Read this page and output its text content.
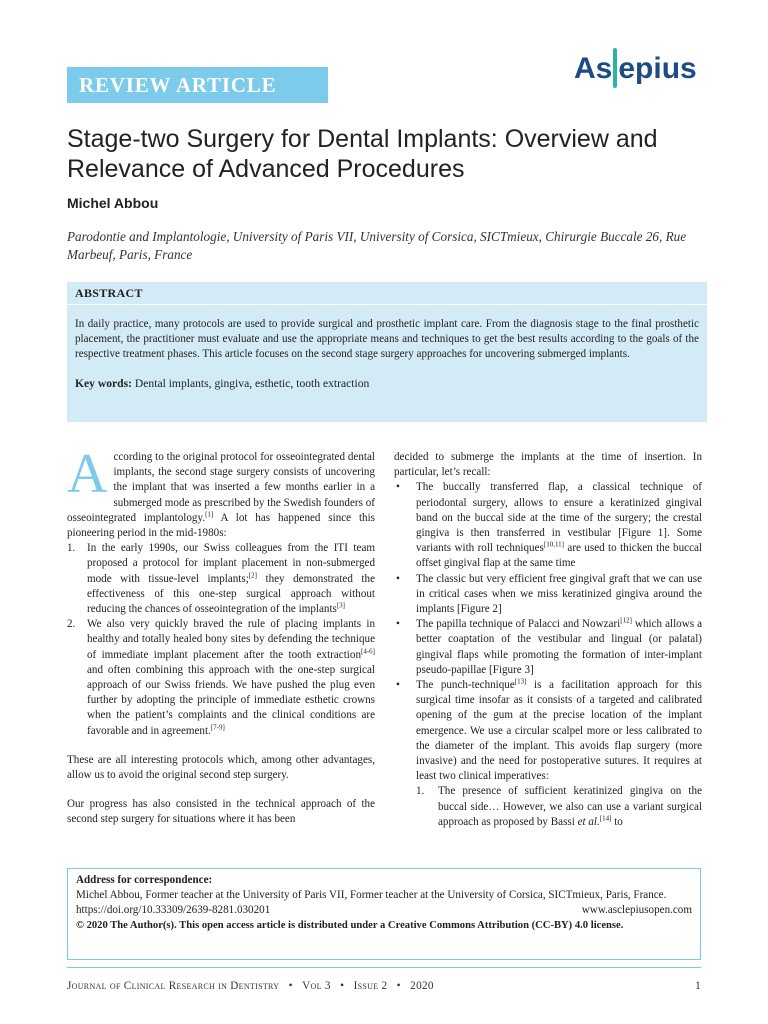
REVIEW ARTICLE	As epius
Stage-two Surgery for Dental Implants: Overview and Relevance of Advanced Procedures
Michel Abbou
Parodontie and Implantologie, University of Paris VII, University of Corsica, SICTmieux, Chirurgie Buccale 26, Rue Marbeuf, Paris, France
ABSTRACT
In daily practice, many protocols are used to provide surgical and prosthetic implant care. From the diagnosis stage to the final prosthetic placement, the practitioner must evaluate and use the appropriate means and techniques to get the best results according to the goals of the respective treatment phases. This article focuses on the second stage surgery approaches for uncovering submerged implants.
Key words: Dental implants, gingiva, esthetic, tooth extraction

According to the original protocol for osseointegrated dental implants, the second stage surgery consists of uncovering the implant that was inserted a few months earlier in a submerged mode as prescribed by the Swedish founders of osseointegrated implantology.[1] A lot has happened since this pioneering period in the mid-1980s:

1. In the early 1990s, our Swiss colleagues from the ITI team proposed a protocol for implant placement in non-submerged mode with tissue-level implants;[2] they demonstrated the effectiveness of this one-step surgical approach without reducing the chances of osseointegration of the implants[3]
2. We also very quickly braved the rule of placing implants in healthy and totally healed bony sites by defending the technique of immediate implant placement after the tooth extraction[4-6] and often combining this approach with the one-step surgical approach of our Swiss friends. We have pushed the plug even further by adopting the principle of immediate esthetic crowns when the patient’s complaints and the clinical conditions are favorable and in agreement.[7-9]

These are all interesting protocols which, among other advantages, allow us to avoid the original second step surgery.

Our progress has also consisted in the technical approach of the second step surgery for situations where it has been

decided to submerge the implants at the time of insertion. In particular, let’s recall:

• The buccally transferred flap, a classical technique of periodontal surgery, allows to ensure a keratinized gingival band on the buccal side at the time of the surgery; the crestal gingiva is then transferred in vestibular [Figure 1]. Some variants with roll techniques[10,11] are used to thicken the buccal offset gingival flap at the same time
• The classic but very efficient free gingival graft that we can use in critical cases when we miss keratinized gingiva around the implants [Figure 2]
• The papilla technique of Palacci and Nowzari[12] which allows a better coaptation of the vestibular and lingual (or palatal) gingival flaps while promoting the formation of inter-implant pseudo-papillae [Figure 3]
• The punch-technique[13] is a facilitation approach for this surgical time insofar as it consists of a targeted and calibrated opening of the gum at the precise location of the implant emergence. We use a circular scalpel more or less calibrated to the diameter of the implant. This avoids flap surgery (more invasive) and the need for postoperative sutures. It requires at least two clinical imperatives:
1. The presence of sufficient keratinized gingiva on the buccal side… However, we also can use a variant surgical approach as proposed by Bassi et al.[14] to
Address for correspondence:
Michel Abbou, Former teacher at the University of Paris VII, Former teacher at the University of Corsica, SICTmieux, Paris, France.
https://doi.org/10.33309/2639-8281.030201	www.asclepiusopen.com
© 2020 The Author(s). This open access article is distributed under a Creative Commons Attribution (CC-BY) 4.0 license.
Journal of Clinical Research in Dentistry • Vol 3 • Issue 2 • 2020	1
